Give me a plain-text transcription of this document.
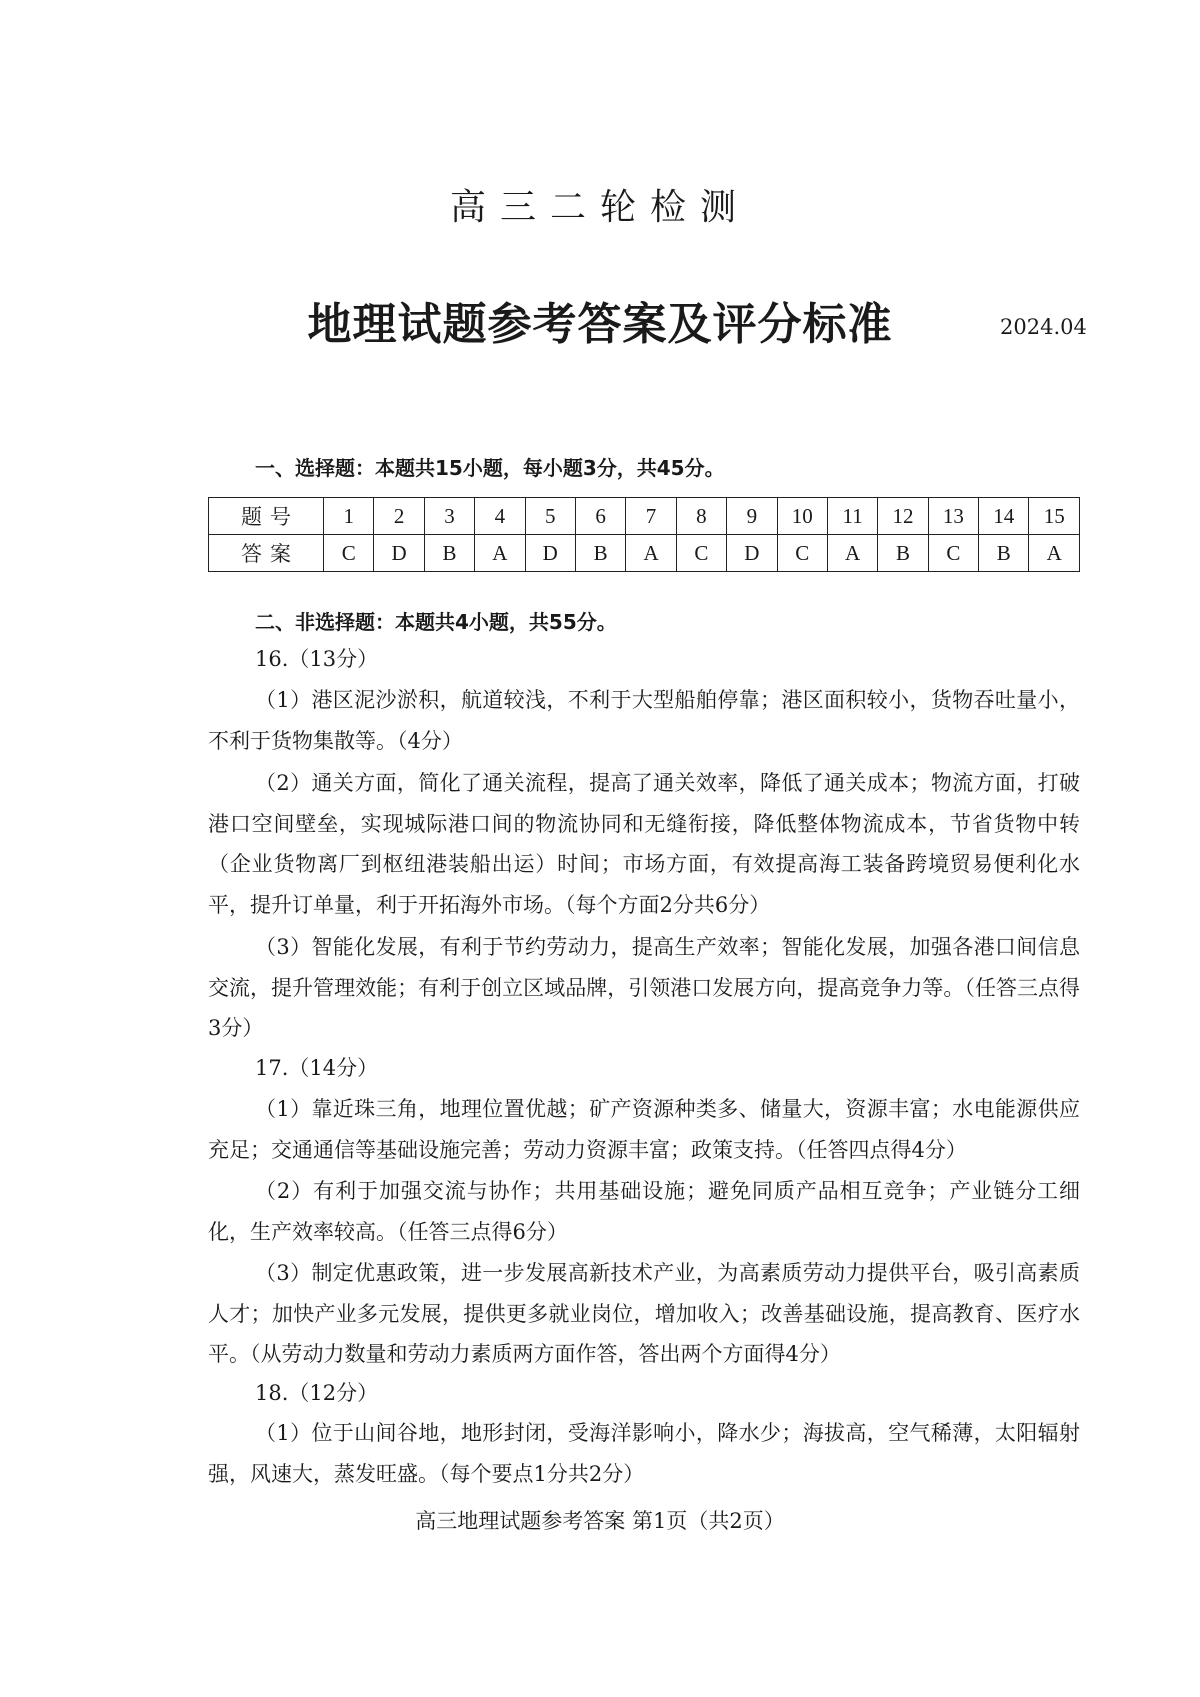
高三二轮检测
地理试题参考答案及评分标准	2024.04
一、选择题：本题共15小题，每小题3分，共45分。
题号	1	2	3	4	5	6	7	8	9	10	11	12	13	14	15
答案	C	D	B	A	D	B	A	C	D	C	A	B	C	B	A
二、非选择题：本题共4小题，共55分。
16.（13分）
（1）港区泥沙淤积，航道较浅，不利于大型船舶停靠；港区面积较小，货物吞吐量小，不利于货物集散等。（4分）
（2）通关方面，简化了通关流程，提高了通关效率，降低了通关成本；物流方面，打破港口空间壁垒，实现城际港口间的物流协同和无缝衔接，降低整体物流成本，节省货物中转（企业货物离厂到枢纽港装船出运）时间；市场方面，有效提高海工装备跨境贸易便利化水平，提升订单量，利于开拓海外市场。（每个方面2分共6分）
（3）智能化发展，有利于节约劳动力，提高生产效率；智能化发展，加强各港口间信息交流，提升管理效能；有利于创立区域品牌，引领港口发展方向，提高竞争力等。（任答三点得3分）
17.（14分）
（1）靠近珠三角，地理位置优越；矿产资源种类多、储量大，资源丰富；水电能源供应充足；交通通信等基础设施完善；劳动力资源丰富；政策支持。（任答四点得4分）
（2）有利于加强交流与协作；共用基础设施；避免同质产品相互竞争；产业链分工细化，生产效率较高。（任答三点得6分）
（3）制定优惠政策，进一步发展高新技术产业，为高素质劳动力提供平台，吸引高素质人才；加快产业多元发展，提供更多就业岗位，增加收入；改善基础设施，提高教育、医疗水平。（从劳动力数量和劳动力素质两方面作答，答出两个方面得4分）
18.（12分）
（1）位于山间谷地，地形封闭，受海洋影响小，降水少；海拔高，空气稀薄，太阳辐射强，风速大，蒸发旺盛。（每个要点1分共2分）
高三地理试题参考答案 第1页（共2页）
